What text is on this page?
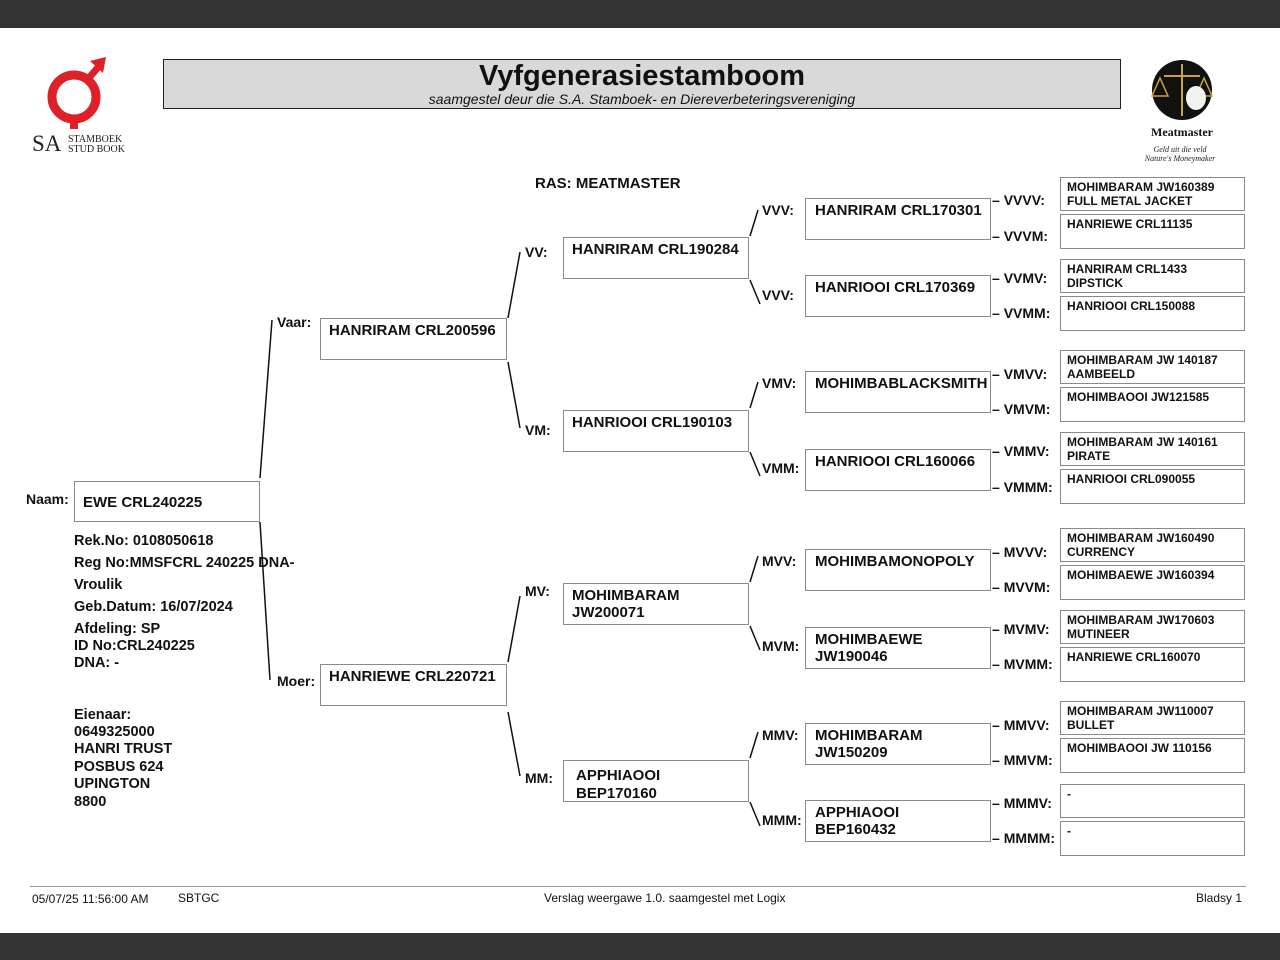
SA STAMBOEK
STUD BOOK
Vyfgenerasiestamboom
saamgestel deur die S.A. Stamboek- en Diereverbeteringsvereniging
Meatmaster
Geld uit die veld
Nature's Moneymaker
RAS: MEATMASTER
Naam: EWE CRL240225
Rek.No: 0108050618
Reg No:MMSFCRL 240225 DNA-
Vroulik
Geb.Datum: 16/07/2024
Afdeling: SP
ID No:CRL240225
DNA: -
Eienaar:
0649325000
HANRI TRUST
POSBUS 624
UPINGTON
8800
Vaar:	HANRIRAM CRL200596
Moer: HANRIEWE CRL220721
VV:	HANRIRAM CRL190284
VM:	HANRIOOI CRL190103
MV:	MOHIMBARAM JW200071
MM:	APPHIAOOI BEP170160
VVV:	HANRIRAM CRL170301
VVV:	HANRIOOI CRL170369
VMV:	MOHIMBABLACKSMITH
VMM:	HANRIOOI CRL160066
MVV:	MOHIMBAMONOPOLY
MVM:	MOHIMBAEWE JW190046
MMV:	MOHIMBARAM JW150209
MMM: APPHIAOOI BEP160432
– VVVV:
MOHIMBARAM JW160389 FULL METAL JACKET
– VVVM:
HANRIEWE CRL11135
– VVMV:
HANRIRAM CRL1433 DIPSTICK
– VVMM:	HANRIOOI CRL150088
– VMVV:
MOHIMBARAM JW 140187 AAMBEELD
– VMVM:
MOHIMBAOOI JW121585
– VMMV:
MOHIMBARAM JW 140161 PIRATE
– VMMM:	HANRIOOI CRL090055
– MVVV:
MOHIMBARAM JW160490 CURRENCY
– MVVM:
MOHIMBAEWE JW160394
– MVMV:
MOHIMBARAM JW170603 MUTINEER
– MVMM:	HANRIEWE CRL160070
– MMVV:
MOHIMBARAM JW110007 BULLET
– MMVM:
MOHIMBAOOI JW 110156
– MMMV:
-
– MMMM:	-
05/07/25 11:56:00 AM SBTGC	Verslag weergawe 1.0. saamgestel met Logix	Bladsy 1
